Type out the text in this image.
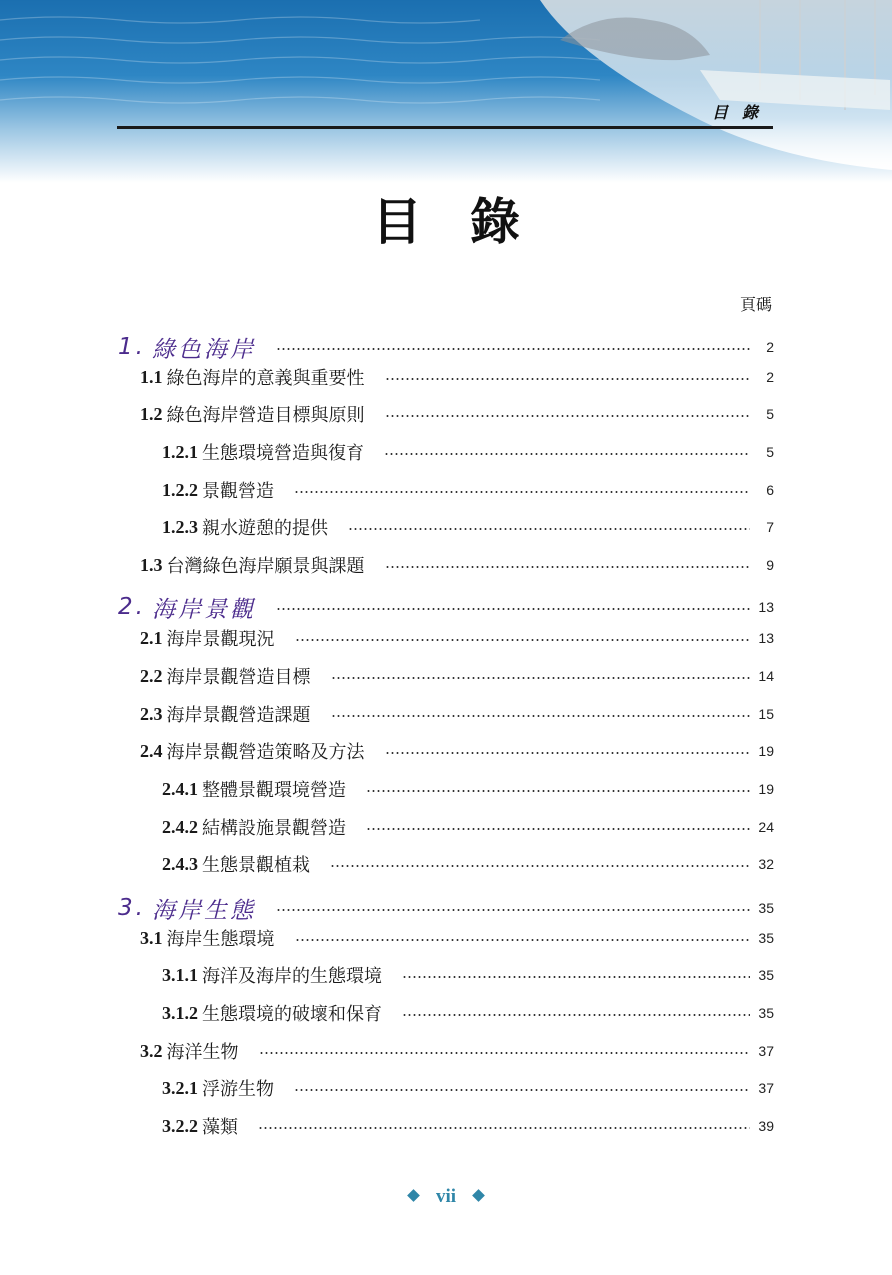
目錄
目錄
頁碼
1. 綠色海岸	2
1.1 綠色海岸的意義與重要性	2
1.2 綠色海岸營造目標與原則	5
1.2.1 生態環境營造與復育	5
1.2.2 景觀營造	6
1.2.3 親水遊憩的提供	7
1.3 台灣綠色海岸願景與課題	9
2. 海岸景觀	13
2.1 海岸景觀現況	13
2.2 海岸景觀營造目標	14
2.3 海岸景觀營造課題	15
2.4 海岸景觀營造策略及方法	19
2.4.1 整體景觀環境營造	19
2.4.2 結構設施景觀營造	24
2.4.3 生態景觀植栽	32
3. 海岸生態	35
3.1 海岸生態環境	35
3.1.1 海洋及海岸的生態環境	35
3.1.2 生態環境的破壞和保育	35
3.2 海洋生物	37
3.2.1 浮游生物	37
3.2.2 藻類	39
vii
